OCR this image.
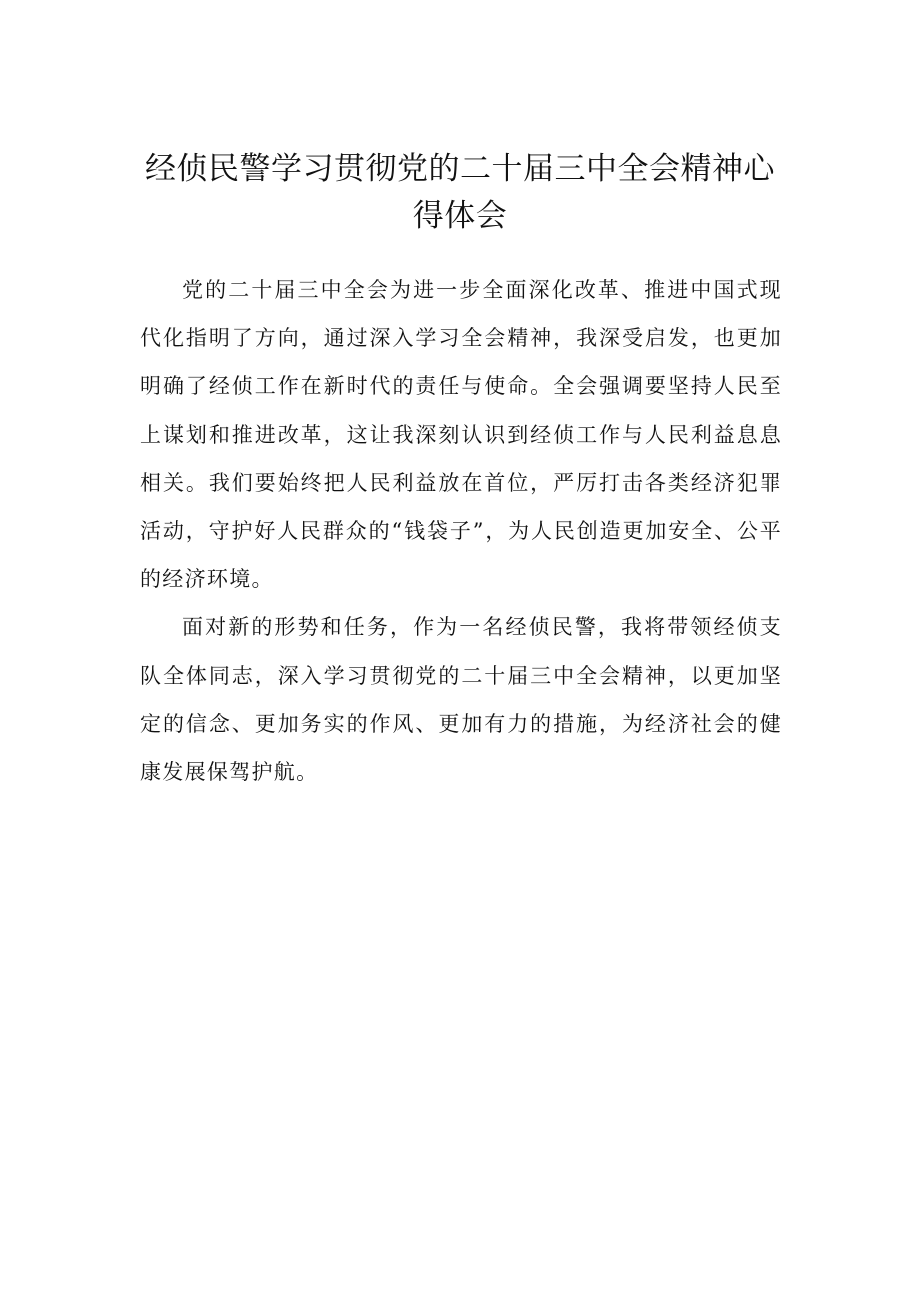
经侦民警学习贯彻党的二十届三中全会精神心得体会

党的二十届三中全会为进一步全面深化改革、推进中国式现代化指明了方向，通过深入学习全会精神，我深受启发，也更加明确了经侦工作在新时代的责任与使命。全会强调要坚持人民至上谋划和推进改革，这让我深刻认识到经侦工作与人民利益息息相关。我们要始终把人民利益放在首位，严厉打击各类经济犯罪活动，守护好人民群众的“钱袋子”，为人民创造更加安全、公平的经济环境。

面对新的形势和任务，作为一名经侦民警，我将带领经侦支队全体同志，深入学习贯彻党的二十届三中全会精神，以更加坚定的信念、更加务实的作风、更加有力的措施，为经济社会的健康发展保驾护航。
